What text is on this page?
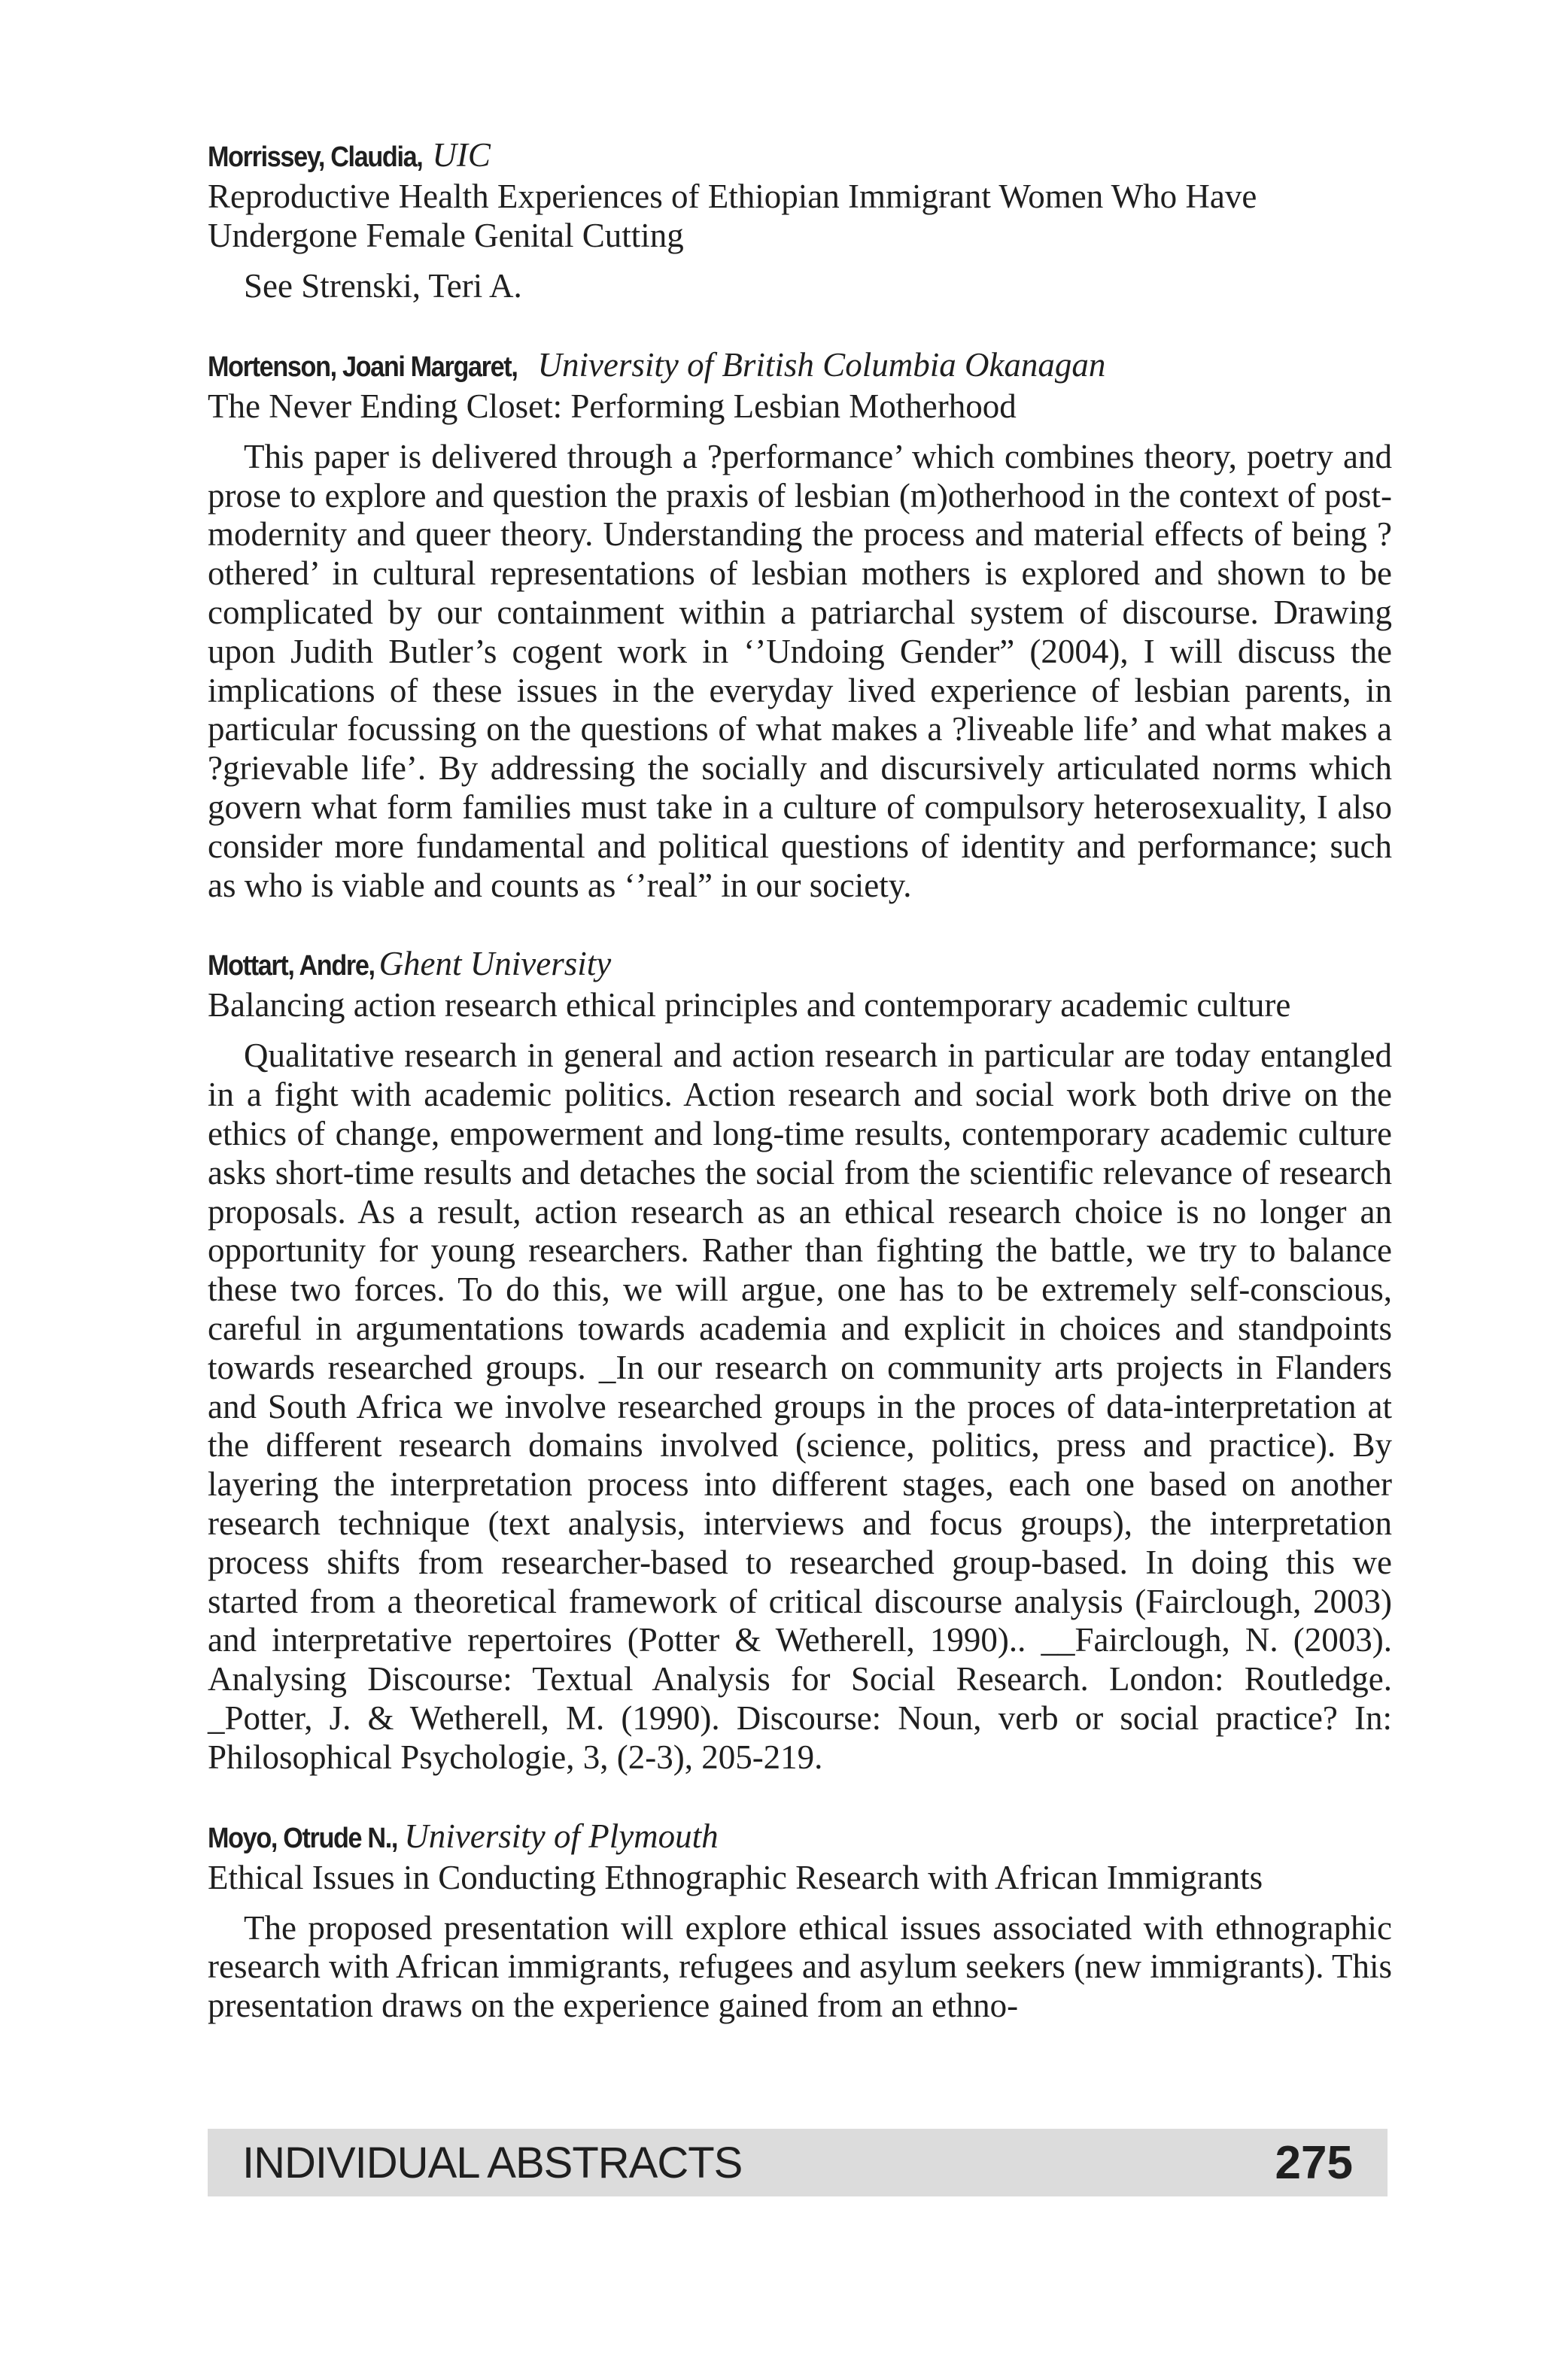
Morrissey, Claudia, UIC
Reproductive Health Experiences of Ethiopian Immigrant Women Who Have Undergone Female Genital Cutting
See Strenski, Teri A.
Mortenson, Joani Margaret, University of British Columbia Okanagan
The Never Ending Closet: Performing Lesbian Motherhood
This paper is delivered through a ?performance’ which combines theory, poetry and prose to explore and question the praxis of lesbian (m)otherhood in the context of post-modernity and queer theory. Understanding the process and material effects of being ?othered’ in cultural representations of lesbian mothers is explored and shown to be complicated by our containment within a patriarchal system of discourse. Drawing upon Judith Butler’s cogent work in ‘’Undoing Gender” (2004), I will discuss the implications of these issues in the everyday lived experience of lesbian parents, in particular focussing on the questions of what makes a ?liveable life’ and what makes a ?grievable life’. By addressing the socially and discursively articulated norms which govern what form families must take in a culture of compulsory heterosexuality, I also consider more fundamental and political questions of identity and performance; such as who is viable and counts as ‘’real” in our society.
Mottart, Andre, Ghent University
Balancing action research ethical principles and contemporary academic culture
Qualitative research in general and action research in particular are today entangled in a fight with academic politics. Action research and social work both drive on the ethics of change, empowerment and long-time results, contemporary academic culture asks short-time results and detaches the social from the scientific relevance of research proposals. As a result, action research as an ethical research choice is no longer an opportunity for young researchers. Rather than fighting the battle, we try to balance these two forces. To do this, we will argue, one has to be extremely self-conscious, careful in argumentations towards academia and explicit in choices and standpoints towards researched groups. _In our research on community arts projects in Flanders and South Africa we involve researched groups in the proces of data-interpretation at the different research domains involved (science, politics, press and practice). By layering the interpretation process into different stages, each one based on another research technique (text analysis, interviews and focus groups), the interpretation process shifts from researcher-based to researched group-based. In doing this we started from a theoretical framework of critical discourse analysis (Fairclough, 2003) and interpretative repertoires (Potter & Wetherell, 1990).. __Fairclough, N. (2003). Analysing Discourse: Textual Analysis for Social Research. London: Routledge. _Potter, J. & Wetherell, M. (1990). Discourse: Noun, verb or social practice? In: Philosophical Psychologie, 3, (2-3), 205-219.
Moyo, Otrude N., University of Plymouth
Ethical Issues in Conducting Ethnographic Research with African Immigrants
The proposed presentation will explore ethical issues associated with ethnographic research with African immigrants, refugees and asylum seekers (new immigrants). This presentation draws on the experience gained from an ethno-
INDIVIDUAL ABSTRACTS	275
